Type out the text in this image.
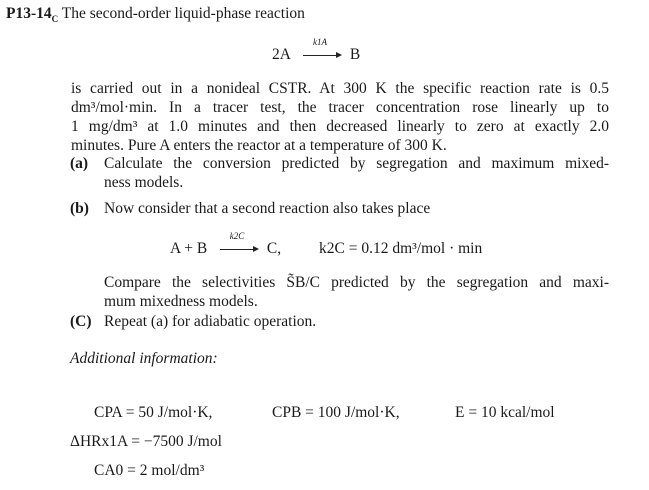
$P13-14_C$ The second-order liquid-phase reaction
2A
k1A
B
is carried out in a nonideal CSTR. At 300 K the specific reaction rate is 0.5
dm³/mol·min. In a tracer test, the tracer concentration rose linearly up to
1 mg/dm³ at 1.0 minutes and then decreased linearly to zero at exactly 2.0
minutes. Pure A enters the reactor at a temperature of 300 K.
(a) Calculate the conversion predicted by segregation and maximum mixed-
ness models.
(b) Now consider that a second reaction also takes place
A + B
k2C
C, k2C = 0.12 dm³/mol · min
Compare the selectivities S̃B/C predicted by the segregation and maxi-
mum mixedness models.
(C) Repeat (a) for adiabatic operation.
Additional information:
CPA = 50 J/mol·K,	CPB = 100 J/mol·K,	E = 10 kcal/mol
ΔHRx1A = −7500 J/mol
CA0 = 2 mol/dm³
